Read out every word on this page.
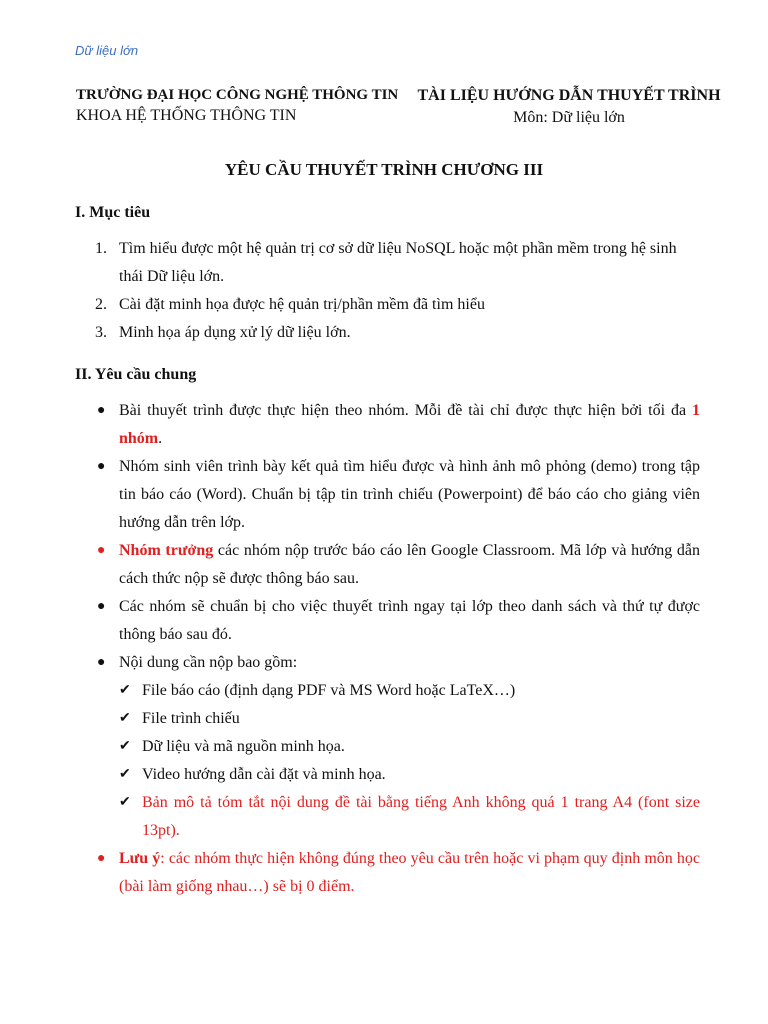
Dữ liệu lớn
TRƯỜNG ĐẠI HỌC CÔNG NGHỆ THÔNG TIN
KHOA HỆ THỐNG THÔNG TIN
TÀI LIỆU HƯỚNG DẪN THUYẾT TRÌNH
Môn: Dữ liệu lớn
YÊU CẦU THUYẾT TRÌNH CHƯƠNG III
I. Mục tiêu
1. Tìm hiểu được một hệ quản trị cơ sở dữ liệu NoSQL hoặc một phần mềm trong hệ sinh thái Dữ liệu lớn.
2. Cài đặt minh họa được hệ quản trị/phần mềm đã tìm hiểu
3. Minh họa áp dụng xử lý dữ liệu lớn.
II. Yêu cầu chung
● Bài thuyết trình được thực hiện theo nhóm. Mỗi đề tài chỉ được thực hiện bởi tối đa 1 nhóm.
● Nhóm sinh viên trình bày kết quả tìm hiểu được và hình ảnh mô phỏng (demo) trong tập tin báo cáo (Word). Chuẩn bị tập tin trình chiếu (Powerpoint) để báo cáo cho giảng viên hướng dẫn trên lớp.
● Nhóm trưởng các nhóm nộp trước báo cáo lên Google Classroom. Mã lớp và hướng dẫn cách thức nộp sẽ được thông báo sau.
● Các nhóm sẽ chuẩn bị cho việc thuyết trình ngay tại lớp theo danh sách và thứ tự được thông báo sau đó.
● Nội dung cần nộp bao gồm:
✔ File báo cáo (định dạng PDF và MS Word hoặc LaTeX…)
✔ File trình chiếu
✔ Dữ liệu và mã nguồn minh họa.
✔ Video hướng dẫn cài đặt và minh họa.
✔ Bản mô tả tóm tắt nội dung đề tài bằng tiếng Anh không quá 1 trang A4 (font size 13pt).
● Lưu ý: các nhóm thực hiện không đúng theo yêu cầu trên hoặc vi phạm quy định môn học (bài làm giống nhau…) sẽ bị 0 điểm.
